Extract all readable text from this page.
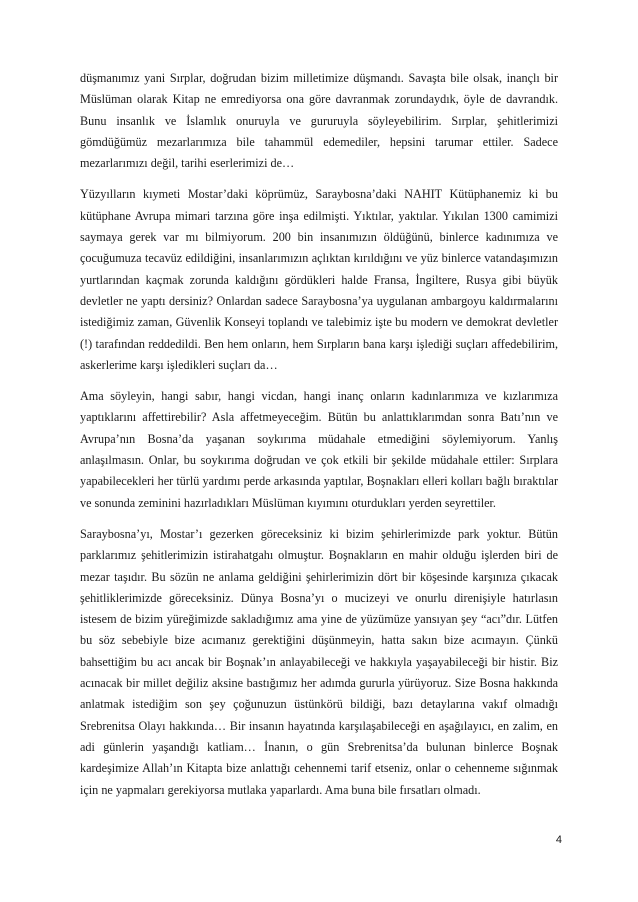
düşmanımız yani Sırplar, doğrudan bizim milletimize düşmandı. Savaşta bile olsak, inançlı bir Müslüman olarak Kitap ne emrediyorsa ona göre davranmak zorundaydık, öyle de davrandık. Bunu insanlık ve İslamlık onuruyla ve gururuyla söyleyebilirim. Sırplar, şehitlerimizi gömdüğümüz mezarlarımıza bile tahammül edemediler, hepsini tarumar ettiler. Sadece mezarlarımızı değil, tarihi eserlerimizi de…

Yüzyılların kıymeti Mostar’daki köprümüz, Saraybosna’daki NAHIT Kütüphanemiz ki bu kütüphane Avrupa mimari tarzına göre inşa edilmişti. Yıktılar, yaktılar. Yıkılan 1300 camimizi saymaya gerek var mı bilmiyorum. 200 bin insanımızın öldüğünü, binlerce kadınımıza ve çocuğumuza tecavüz edildiğini, insanlarımızın açlıktan kırıldığını ve yüz binlerce vatandaşımızın yurtlarından kaçmak zorunda kaldığını gördükleri halde Fransa, İngiltere, Rusya gibi büyük devletler ne yaptı dersiniz? Onlardan sadece Saraybosna’ya uygulanan ambargoyu kaldırmalarını istediğimiz zaman, Güvenlik Konseyi toplandı ve talebimiz işte bu modern ve demokrat devletler (!) tarafından reddedildi. Ben hem onların, hem Sırpların bana karşı işlediği suçları affedebilirim, askerlerime karşı işledikleri suçları da…

Ama söyleyin, hangi sabır, hangi vicdan, hangi inanç onların kadınlarımıza ve kızlarımıza yaptıklarını affettirebilir? Asla affetmeyeceğim. Bütün bu anlattıklarımdan sonra Batı’nın ve Avrupa’nın Bosna’da yaşanan soykırıma müdahale etmediğini söylemiyorum. Yanlış anlaşılmasın. Onlar, bu soykırıma doğrudan ve çok etkili bir şekilde müdahale ettiler: Sırplara yapabilecekleri her türlü yardımı perde arkasında yaptılar, Boşnakları elleri kolları bağlı bıraktılar ve sonunda zeminini hazırladıkları Müslüman kıyımını oturdukları yerden seyrettiler.

Saraybosna’yı, Mostar’ı gezerken göreceksiniz ki bizim şehirlerimizde park yoktur. Bütün parklarımız şehitlerimizin istirahatgahı olmuştur. Boşnakların en mahir olduğu işlerden biri de mezar taşıdır. Bu sözün ne anlama geldiğini şehirlerimizin dört bir köşesinde karşınıza çıkacak şehitliklerimizde göreceksiniz. Dünya Bosna’yı o mucizeyi ve onurlu direnişiyle hatırlasın istesem de bizim yüreğimizde sakladığımız ama yine de yüzümüze yansıyan şey “acı”dır. Lütfen bu söz sebebiyle bize acımanız gerektiğini düşünmeyin, hatta sakın bize acımayın. Çünkü bahsettiğim bu acı ancak bir Boşnak’ın anlayabileceği ve hakkıyla yaşayabileceği bir histir. Biz acınacak bir millet değiliz aksine bastığımız her adımda gururla yürüyoruz. Size Bosna hakkında anlatmak istediğim son şey çoğunuzun üstünkörü bildiği, bazı detaylarına vakıf olmadığı Srebrenitsa Olayı hakkında… Bir insanın hayatında karşılaşabileceği en aşağılayıcı, en zalim, en adi günlerin yaşandığı katliam… İnanın, o gün Srebrenitsa’da bulunan binlerce Boşnak kardeşimize Allah’ın Kitapta bize anlattığı cehennemi tarif etseniz, onlar o cehenneme sığınmak için ne yapmaları gerekiyorsa mutlaka yaparlardı. Ama buna bile fırsatları olmadı.

4
